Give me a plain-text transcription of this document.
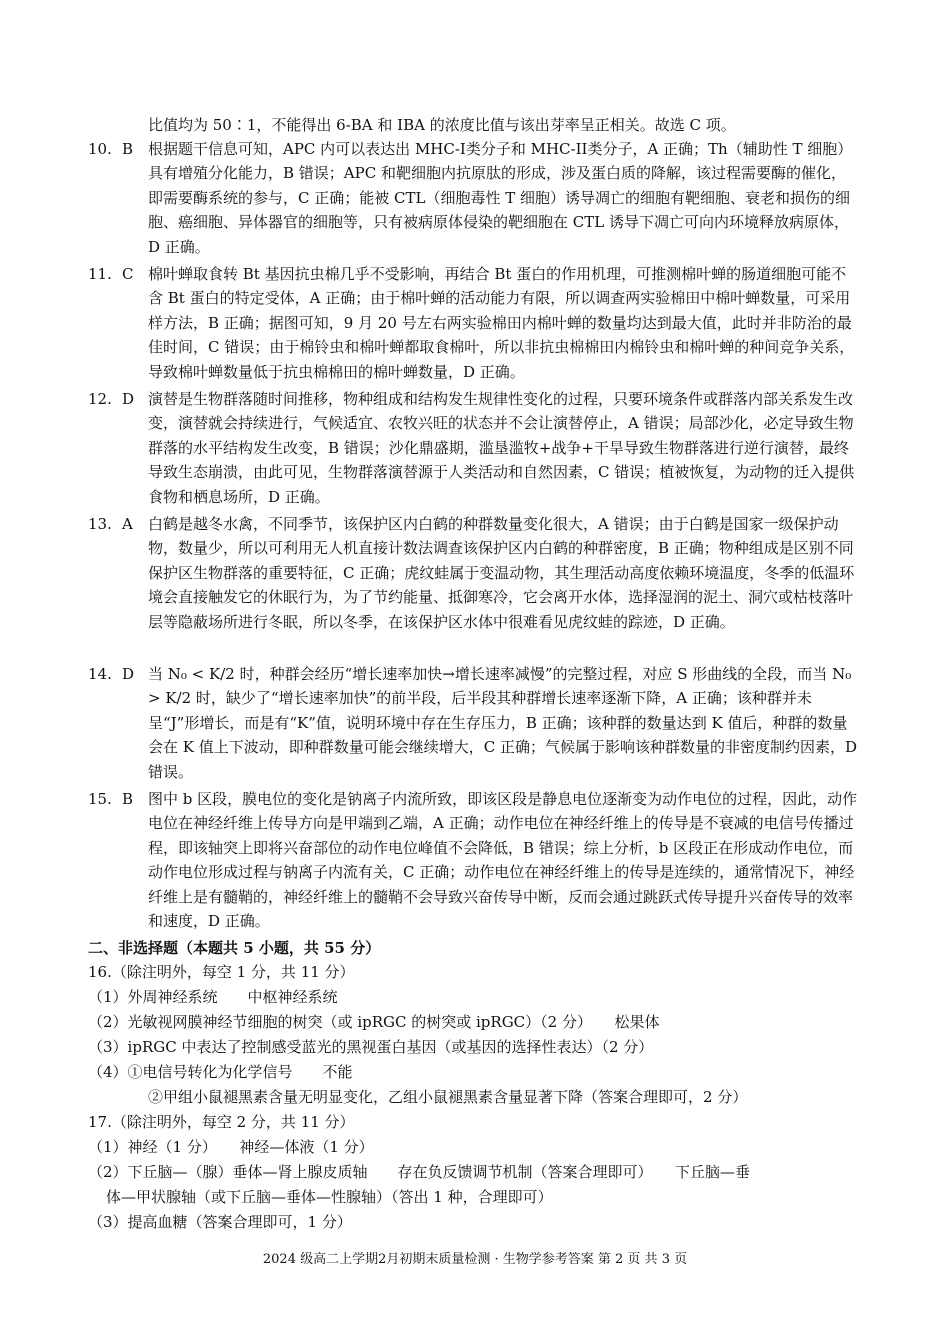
比值均为 50∶1，不能得出 6-BA 和 IBA 的浓度比值与该出芽率呈正相关。故选 C 项。
10. B 根据题干信息可知，APC 内可以表达出 MHC-I类分子和 MHC-II类分子，A 正确；Th（辅助性 T 细胞）具有增殖分化能力，B 错误；APC 和靶细胞内抗原肽的形成，涉及蛋白质的降解，该过程需要酶的催化，即需要酶系统的参与，C 正确；能被 CTL（细胞毒性 T 细胞）诱导凋亡的细胞有靶细胞、衰老和损伤的细胞、癌细胞、异体器官的细胞等，只有被病原体侵染的靶细胞在 CTL 诱导下凋亡可向内环境释放病原体，D 正确。
11. C 棉叶蝉取食转 Bt 基因抗虫棉几乎不受影响，再结合 Bt 蛋白的作用机理，可推测棉叶蝉的肠道细胞可能不含 Bt 蛋白的特定受体，A 正确；由于棉叶蝉的活动能力有限，所以调查两实验棉田中棉叶蝉数量，可采用样方法，B 正确；据图可知，9 月 20 号左右两实验棉田内棉叶蝉的数量均达到最大值，此时并非防治的最佳时间，C 错误；由于棉铃虫和棉叶蝉都取食棉叶，所以非抗虫棉棉田内棉铃虫和棉叶蝉的种间竞争关系，导致棉叶蝉数量低于抗虫棉棉田的棉叶蝉数量，D 正确。
12. D 演替是生物群落随时间推移，物种组成和结构发生规律性变化的过程，只要环境条件或群落内部关系发生改变，演替就会持续进行，气候适宜、农牧兴旺的状态并不会让演替停止，A 错误；局部沙化，必定导致生物群落的水平结构发生改变，B 错误；沙化鼎盛期，滥垦滥牧+战争+干旱导致生物群落进行逆行演替，最终导致生态崩溃，由此可见，生物群落演替源于人类活动和自然因素，C 错误；植被恢复，为动物的迁入提供食物和栖息场所，D 正确。
13. A 白鹤是越冬水禽，不同季节，该保护区内白鹤的种群数量变化很大，A 错误；由于白鹤是国家一级保护动物，数量少，所以可利用无人机直接计数法调查该保护区内白鹤的种群密度，B 正确；物种组成是区别不同保护区生物群落的重要特征，C 正确；虎纹蛙属于变温动物，其生理活动高度依赖环境温度，冬季的低温环境会直接触发它的休眠行为，为了节约能量、抵御寒冷，它会离开水体，选择湿润的泥土、洞穴或枯枝落叶层等隐蔽场所进行冬眠，所以冬季，在该保护区水体中很难看见虎纹蛙的踪迹，D 正确。
14. D 当 N₀ < K/2 时，种群会经历“增长速率加快→增长速率减慢”的完整过程，对应 S 形曲线的全段，而当 N₀ > K/2 时，缺少了“增长速率加快”的前半段，后半段其种群增长速率逐渐下降，A 正确；该种群并未呈“J”形增长，而是有“K”值，说明环境中存在生存压力，B 正确；该种群的数量达到 K 值后，种群的数量会在 K 值上下波动，即种群数量可能会继续增大，C 正确；气候属于影响该种群数量的非密度制约因素，D 错误。
15. B 图中 b 区段，膜电位的变化是钠离子内流所致，即该区段是静息电位逐渐变为动作电位的过程，因此，动作电位在神经纤维上传导方向是甲端到乙端，A 正确；动作电位在神经纤维上的传导是不衰减的电信号传播过程，即该轴突上即将兴奋部位的动作电位峰值不会降低，B 错误；综上分析，b 区段正在形成动作电位，而动作电位形成过程与钠离子内流有关，C 正确；动作电位在神经纤维上的传导是连续的，通常情况下，神经纤维上是有髓鞘的，神经纤维上的髓鞘不会导致兴奋传导中断，反而会通过跳跃式传导提升兴奋传导的效率和速度，D 正确。
二、非选择题（本题共 5 小题，共 55 分）
16.（除注明外，每空 1 分，共 11 分）
（1）外周神经系统　　中枢神经系统
（2）光敏视网膜神经节细胞的树突（或 ipRGC 的树突或 ipRGC）（2 分）　　松果体
（3）ipRGC 中表达了控制感受蓝光的黑视蛋白基因（或基因的选择性表达）（2 分）
（4）①电信号转化为化学信号　　不能
②甲组小鼠褪黑素含量无明显变化，乙组小鼠褪黑素含量显著下降（答案合理即可，2 分）
17.（除注明外，每空 2 分，共 11 分）
（1）神经（1 分）　　神经—体液（1 分）
（2）下丘脑—（腺）垂体—肾上腺皮质轴　　存在负反馈调节机制（答案合理即可）　　下丘脑—垂
体—甲状腺轴（或下丘脑—垂体—性腺轴）（答出 1 种，合理即可）
（3）提高血糖（答案合理即可，1 分）
2024 级高二上学期2月初期末质量检测 · 生物学参考答案 第 2 页 共 3 页
